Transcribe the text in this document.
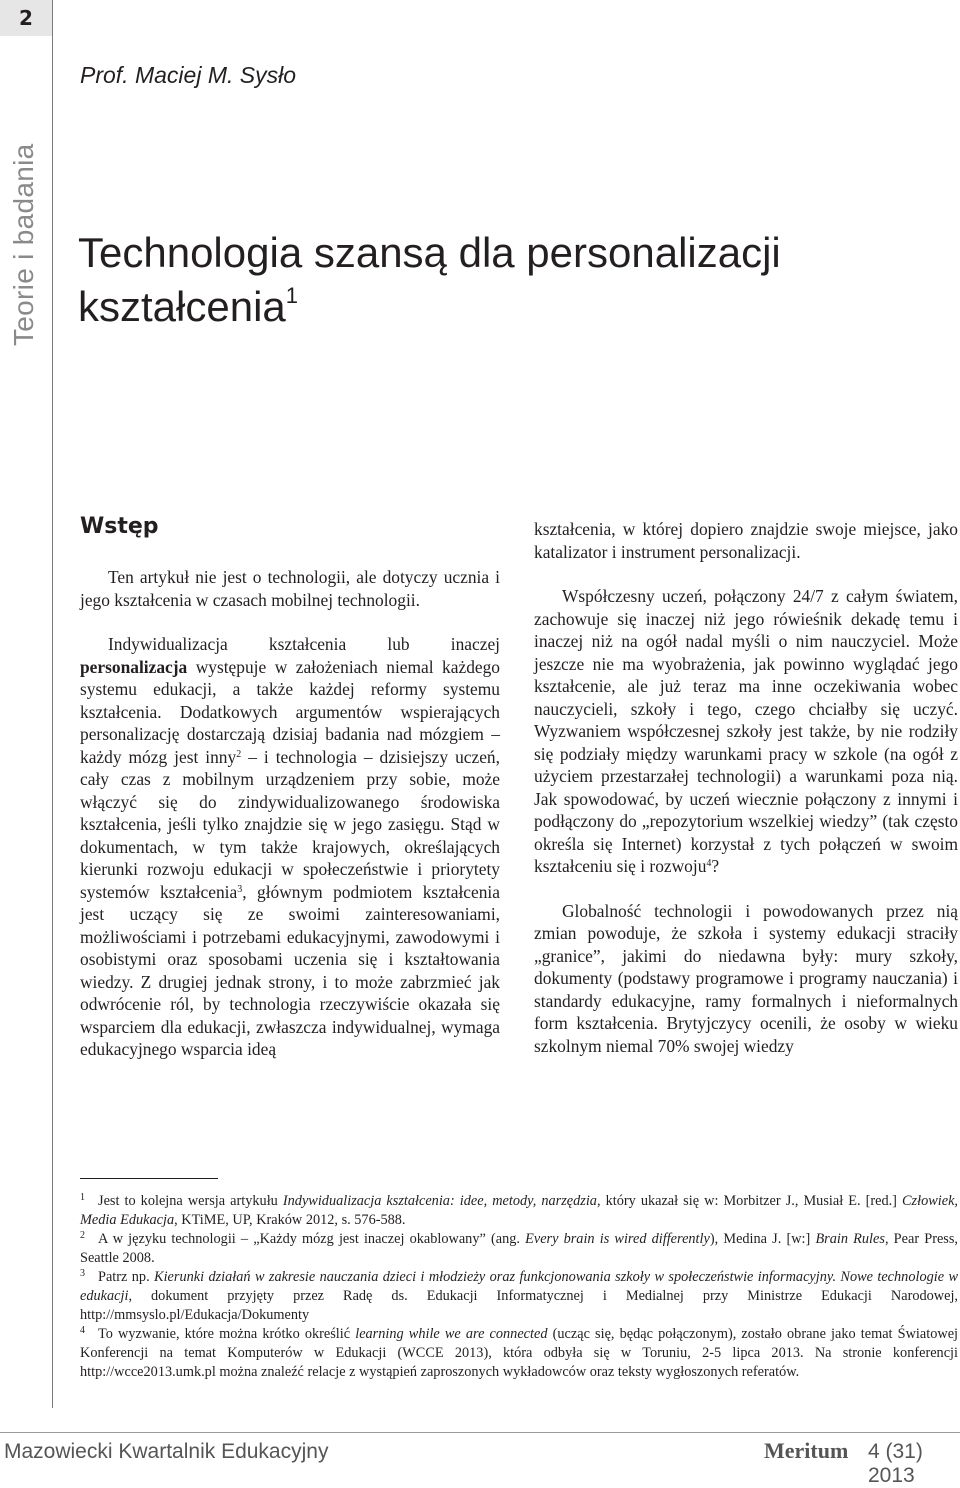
2
Teorie i badania
Prof. Maciej M. Sysło
Technologia szansą dla personalizacji
kształcenia$^1$
Wstęp

Ten artykuł nie jest o technologii, ale dotyczy ucznia i jego kształcenia w czasach mobilnej technologii.

Indywidualizacja kształcenia lub inaczej personalizacja występuje w założeniach niemal każdego systemu edukacji, a także każdej reformy systemu kształcenia. Dodatkowych argumentów wspierających personalizację dostarczają dzisiaj badania nad mózgiem – każdy mózg jest inny$^2$ – i technologia – dzisiejszy uczeń, cały czas z mobilnym urządzeniem przy sobie, może włączyć się do zindywidualizowanego środowiska kształcenia, jeśli tylko znajdzie się w jego zasięgu. Stąd w dokumentach, w tym także krajowych, określających kierunki rozwoju edukacji w społeczeństwie i priorytety systemów kształcenia$^3$, głównym podmiotem kształcenia jest uczący się ze swoimi zainteresowaniami, możliwościami i potrzebami edukacyjnymi, zawodowymi i osobistymi oraz sposobami uczenia się i kształtowania wiedzy. Z drugiej jednak strony, i to może zabrzmieć jak odwrócenie ról, by technologia rzeczywiście okazała się wsparciem dla edukacji, zwłaszcza indywidualnej, wymaga edukacyjnego wsparcia ideą

kształcenia, w której dopiero znajdzie swoje miejsce, jako katalizator i instrument personalizacji.

Współczesny uczeń, połączony 24/7 z całym światem, zachowuje się inaczej niż jego rówieśnik dekadę temu i inaczej niż na ogół nadal myśli o nim nauczyciel. Może jeszcze nie ma wyobrażenia, jak powinno wyglądać jego kształcenie, ale już teraz ma inne oczekiwania wobec nauczycieli, szkoły i tego, czego chciałby się uczyć. Wyzwaniem współczesnej szkoły jest także, by nie rodziły się podziały między warunkami pracy w szkole (na ogół z użyciem przestarzałej technologii) a warunkami poza nią. Jak spowodować, by uczeń wiecznie połączony z innymi i podłączony do „repozytorium wszelkiej wiedzy” (tak często określa się Internet) korzystał z tych połączeń w swoim kształceniu się i rozwoju$^4$?

Globalność technologii i powodowanych przez nią zmian powoduje, że szkoła i systemy edukacji straciły „granice”, jakimi do niedawna były: mury szkoły, dokumenty (podstawy programowe i programy nauczania) i standardy edukacyjne, ramy formalnych i nieformalnych form kształcenia. Brytyjczycy ocenili, że osoby w wieku szkolnym niemal 70% swojej wiedzy

1 Jest to kolejna wersja artykułu Indywidualizacja kształcenia: idee, metody, narzędzia, który ukazał się w: Morbitzer J., Musiał E. [red.] Człowiek, Media Edukacja, KTiME, UP, Kraków 2012, s. 576-588.

2 A w języku technologii – „Każdy mózg jest inaczej okablowany” (ang. Every brain is wired differently), Medina J. [w:] Brain Rules, Pear Press, Seattle 2008.

3 Patrz np. Kierunki działań w zakresie nauczania dzieci i młodzieży oraz funkcjonowania szkoły w społeczeństwie informacyjny. Nowe technologie w edukacji, dokument przyjęty przez Radę ds. Edukacji Informatycznej i Medialnej przy Ministrze Edukacji Narodowej, http://mmsyslo.pl/Edukacja/Dokumenty

4 To wyzwanie, które można krótko określić learning while we are connected (ucząc się, będąc połączonym), zostało obrane jako temat Światowej Konferencji na temat Komputerów w Edukacji (WCCE 2013), która odbyła się w Toruniu, 2-5 lipca 2013. Na stronie konferencji http://wcce2013.umk.pl można znaleźć relacje z wystąpień zaproszonych wykładowców oraz teksty wygłoszonych referatów.

Mazowiecki Kwartalnik Edukacyjny	Meritum 4 (31) 2013
